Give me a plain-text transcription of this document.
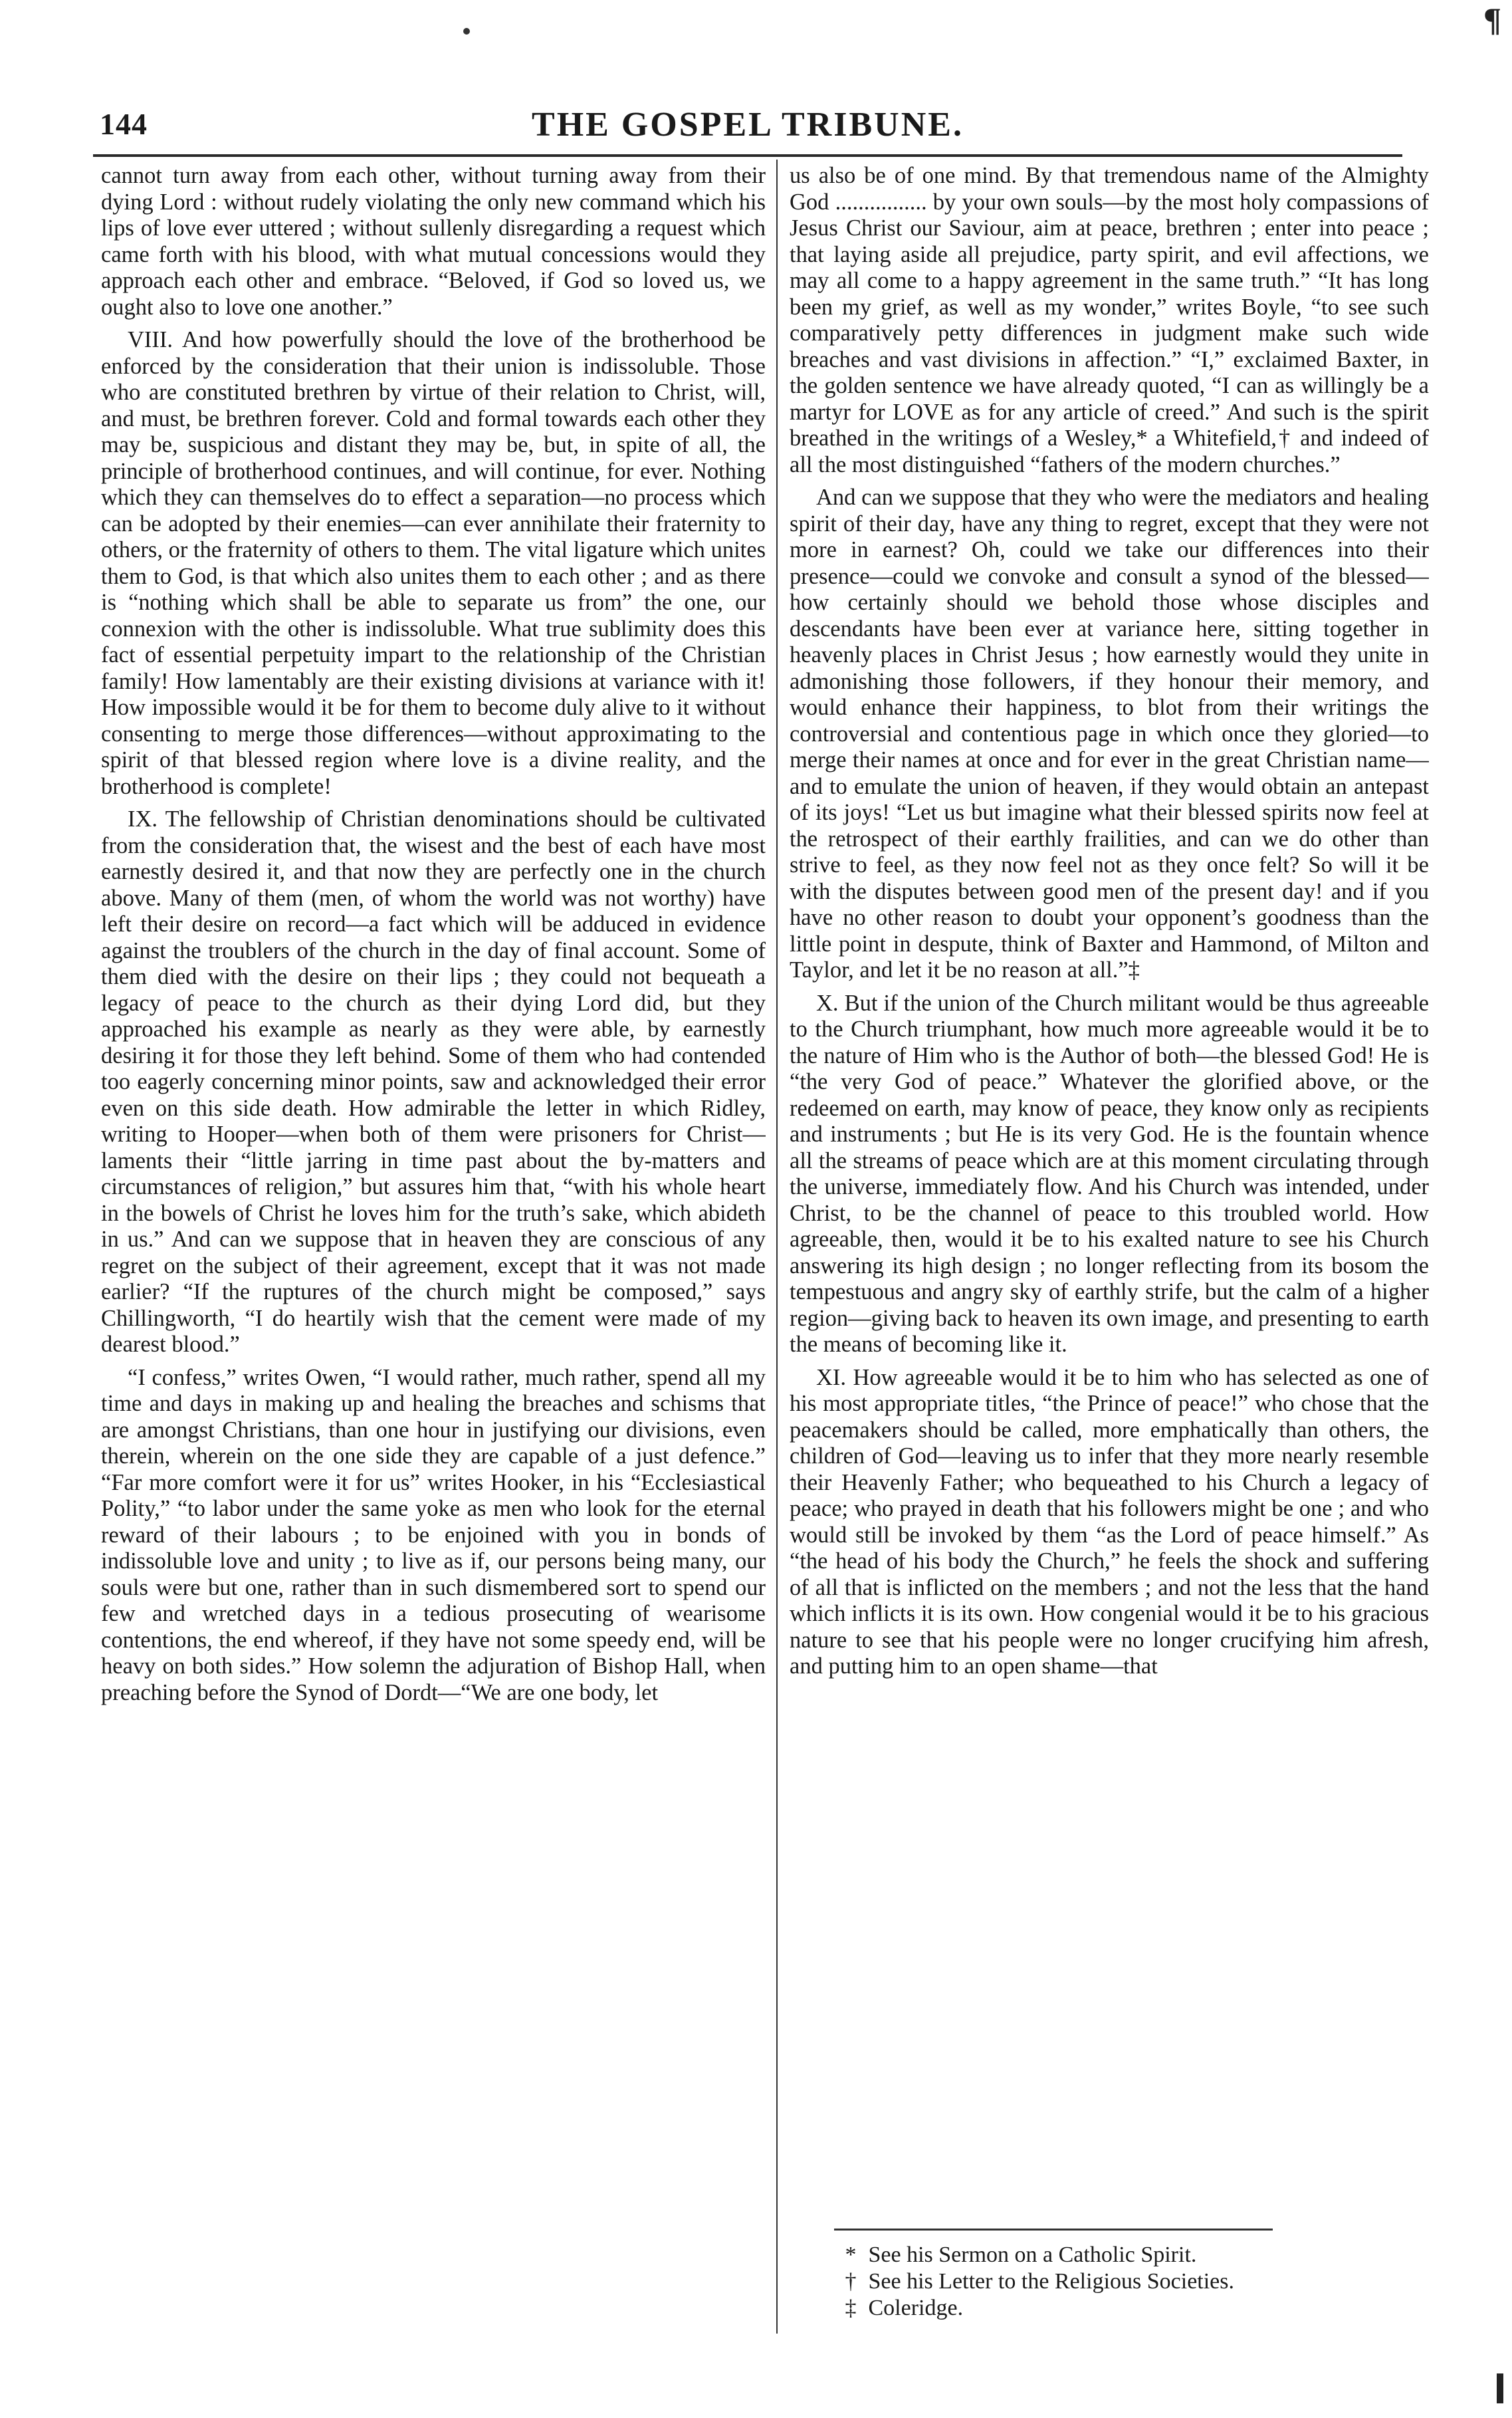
¶
144	THE GOSPEL TRIBUNE.

cannot turn away from each other, without turning away from their dying Lord : without rudely violating the only new command which his lips of love ever uttered ; without sullenly disregarding a request which came forth with his blood, with what mutual concessions would they approach each other and embrace. “Beloved, if God so loved us, we ought also to love one another.”

VIII. And how powerfully should the love of the brotherhood be enforced by the consideration that their union is indissoluble. Those who are constituted brethren by virtue of their relation to Christ, will, and must, be brethren forever. Cold and formal towards each other they may be, suspicious and distant they may be, but, in spite of all, the principle of brotherhood continues, and will continue, for ever. Nothing which they can themselves do to effect a separation—no process which can be adopted by their enemies—can ever annihilate their fraternity to others, or the fraternity of others to them. The vital ligature which unites them to God, is that which also unites them to each other ; and as there is “nothing which shall be able to separate us from” the one, our connexion with the other is indissoluble. What true sublimity does this fact of essential perpetuity impart to the relationship of the Christian family! How lamentably are their existing divisions at variance with it! How impossible would it be for them to become duly alive to it without consenting to merge those differences—without approximating to the spirit of that blessed region where love is a divine reality, and the brotherhood is complete!

IX. The fellowship of Christian denominations should be cultivated from the consideration that, the wisest and the best of each have most earnestly desired it, and that now they are perfectly one in the church above. Many of them (men, of whom the world was not worthy) have left their desire on record—a fact which will be adduced in evidence against the troublers of the church in the day of final account. Some of them died with the desire on their lips ; they could not bequeath a legacy of peace to the church as their dying Lord did, but they approached his example as nearly as they were able, by earnestly desiring it for those they left behind. Some of them who had contended too eagerly concerning minor points, saw and acknowledged their error even on this side death. How admirable the letter in which Ridley, writing to Hooper—when both of them were prisoners for Christ—laments their “little jarring in time past about the by-matters and circumstances of religion,” but assures him that, “with his whole heart in the bowels of Christ he loves him for the truth’s sake, which abideth in us.” And can we suppose that in heaven they are conscious of any regret on the subject of their agreement, except that it was not made earlier? “If the ruptures of the church might be composed,” says Chillingworth, “I do heartily wish that the cement were made of my dearest blood.”

“I confess,” writes Owen, “I would rather, much rather, spend all my time and days in making up and healing the breaches and schisms that are amongst Christians, than one hour in justifying our divisions, even therein, wherein on the one side they are capable of a just defence.” “Far more comfort were it for us” writes Hooker, in his “Ecclesiastical Polity,” “to labor under the same yoke as men who look for the eternal reward of their labours ; to be enjoined with you in bonds of indissoluble love and unity ; to live as if, our persons being many, our souls were but one, rather than in such dismembered sort to spend our few and wretched days in a tedious prosecuting of wearisome contentions, the end whereof, if they have not some speedy end, will be heavy on both sides.” How solemn the adjuration of Bishop Hall, when preaching before the Synod of Dordt—“We are one body, let

us also be of one mind. By that tremendous name of the Almighty God ................ by your own souls—by the most holy compassions of Jesus Christ our Saviour, aim at peace, brethren ; enter into peace ; that laying aside all prejudice, party spirit, and evil affections, we may all come to a happy agreement in the same truth.” “It has long been my grief, as well as my wonder,” writes Boyle, “to see such comparatively petty differences in judgment make such wide breaches and vast divisions in affection.” “I,” exclaimed Baxter, in the golden sentence we have already quoted, “I can as willingly be a martyr for LOVE as for any article of creed.” And such is the spirit breathed in the writings of a Wesley,* a Whitefield,† and indeed of all the most distinguished “fathers of the modern churches.”

And can we suppose that they who were the mediators and healing spirit of their day, have any thing to regret, except that they were not more in earnest? Oh, could we take our differences into their presence—could we convoke and consult a synod of the blessed—how certainly should we behold those whose disciples and descendants have been ever at variance here, sitting together in heavenly places in Christ Jesus ; how earnestly would they unite in admonishing those followers, if they honour their memory, and would enhance their happiness, to blot from their writings the controversial and contentious page in which once they gloried—to merge their names at once and for ever in the great Christian name—and to emulate the union of heaven, if they would obtain an antepast of its joys! “Let us but imagine what their blessed spirits now feel at the retrospect of their earthly frailities, and can we do other than strive to feel, as they now feel not as they once felt? So will it be with the disputes between good men of the present day! and if you have no other reason to doubt your opponent’s goodness than the little point in despute, think of Baxter and Hammond, of Milton and Taylor, and let it be no reason at all.”‡

X. But if the union of the Church militant would be thus agreeable to the Church triumphant, how much more agreeable would it be to the nature of Him who is the Author of both—the blessed God! He is “the very God of peace.” Whatever the glorified above, or the redeemed on earth, may know of peace, they know only as recipients and instruments ; but He is its very God. He is the fountain whence all the streams of peace which are at this moment circulating through the universe, immediately flow. And his Church was intended, under Christ, to be the channel of peace to this troubled world. How agreeable, then, would it be to his exalted nature to see his Church answering its high design ; no longer reflecting from its bosom the tempestuous and angry sky of earthly strife, but the calm of a higher region—giving back to heaven its own image, and presenting to earth the means of becoming like it.

XI. How agreeable would it be to him who has selected as one of his most appropriate titles, “the Prince of peace!” who chose that the peacemakers should be called, more emphatically than others, the children of God—leaving us to infer that they more nearly resemble their Heavenly Father; who bequeathed to his Church a legacy of peace; who prayed in death that his followers might be one ; and who would still be invoked by them “as the Lord of peace himself.” As “the head of his body the Church,” he feels the shock and suffering of all that is inflicted on the members ; and not the less that the hand which inflicts it is its own. How congenial would it be to his gracious nature to see that his people were no longer crucifying him afresh, and putting him to an open shame—that

* See his Sermon on a Catholic Spirit.
† See his Letter to the Religious Societies.
‡ Coleridge.
